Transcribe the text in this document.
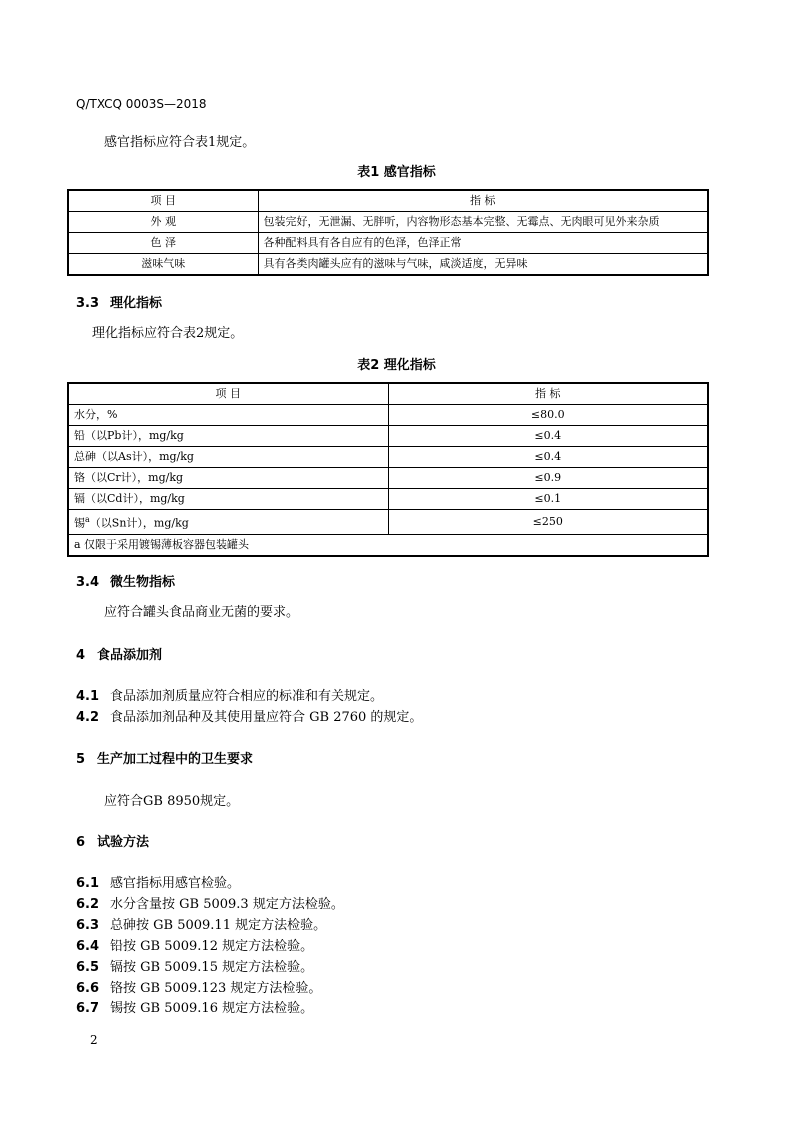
Q/TXCQ 0003S—2018
感官指标应符合表1规定。
表1 感官指标
项 目	指 标
外 观	包装完好，无泄漏、无胖听，内容物形态基本完整、无霉点、无肉眼可见外来杂质
色 泽	各种配料具有各自应有的色泽，色泽正常
滋味气味	具有各类肉罐头应有的滋味与气味，咸淡适度，无异味
3.3 理化指标
理化指标应符合表2规定。
表2 理化指标
项 目	指 标
水分，%	≤80.0
铅（以Pb计），mg/kg	≤0.4
总砷（以As计），mg/kg	≤0.4
铬（以Cr计），mg/kg	≤0.9
镉（以Cd计），mg/kg	≤0.1
锡$^a$（以Sn计），mg/kg	≤250
a 仅限于采用镀锡薄板容器包装罐头	
3.4 微生物指标
应符合罐头食品商业无菌的要求。
4 食品添加剂
4.1 食品添加剂质量应符合相应的标准和有关规定。
4.2 食品添加剂品种及其使用量应符合 GB 2760 的规定。
5 生产加工过程中的卫生要求
应符合GB 8950规定。
6 试验方法
6.1 感官指标用感官检验。
6.2 水分含量按 GB 5009.3 规定方法检验。
6.3 总砷按 GB 5009.11 规定方法检验。
6.4 铅按 GB 5009.12 规定方法检验。
6.5 镉按 GB 5009.15 规定方法检验。
6.6 铬按 GB 5009.123 规定方法检验。
6.7 锡按 GB 5009.16 规定方法检验。
2
